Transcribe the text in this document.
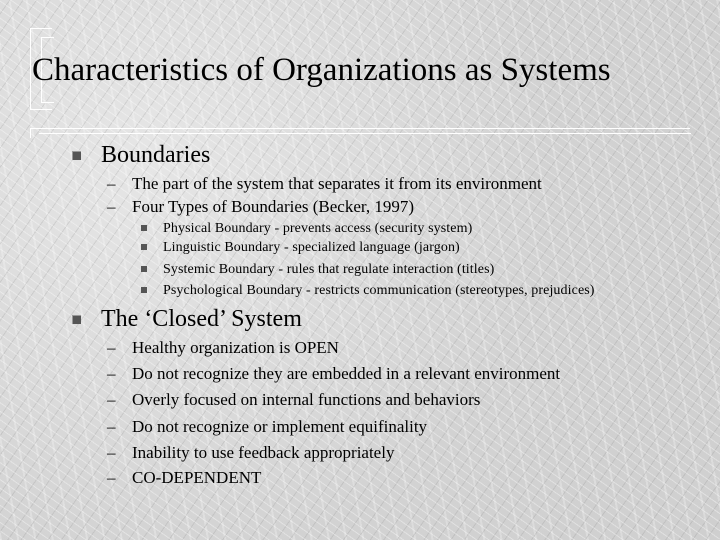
Characteristics of Organizations as Systems
Boundaries
– The part of the system that separates it from its environment
– Four Types of Boundaries (Becker, 1997)
Physical Boundary - prevents access (security system)
Linguistic Boundary - specialized language (jargon)
Systemic Boundary - rules that regulate interaction (titles)
Psychological Boundary - restricts communication (stereotypes, prejudices)
The ‘Closed’ System
– Healthy organization is OPEN
– Do not recognize they are embedded in a relevant environment
– Overly focused on internal functions and behaviors
– Do not recognize or implement equifinality
– Inability to use feedback appropriately
– CO-DEPENDENT
